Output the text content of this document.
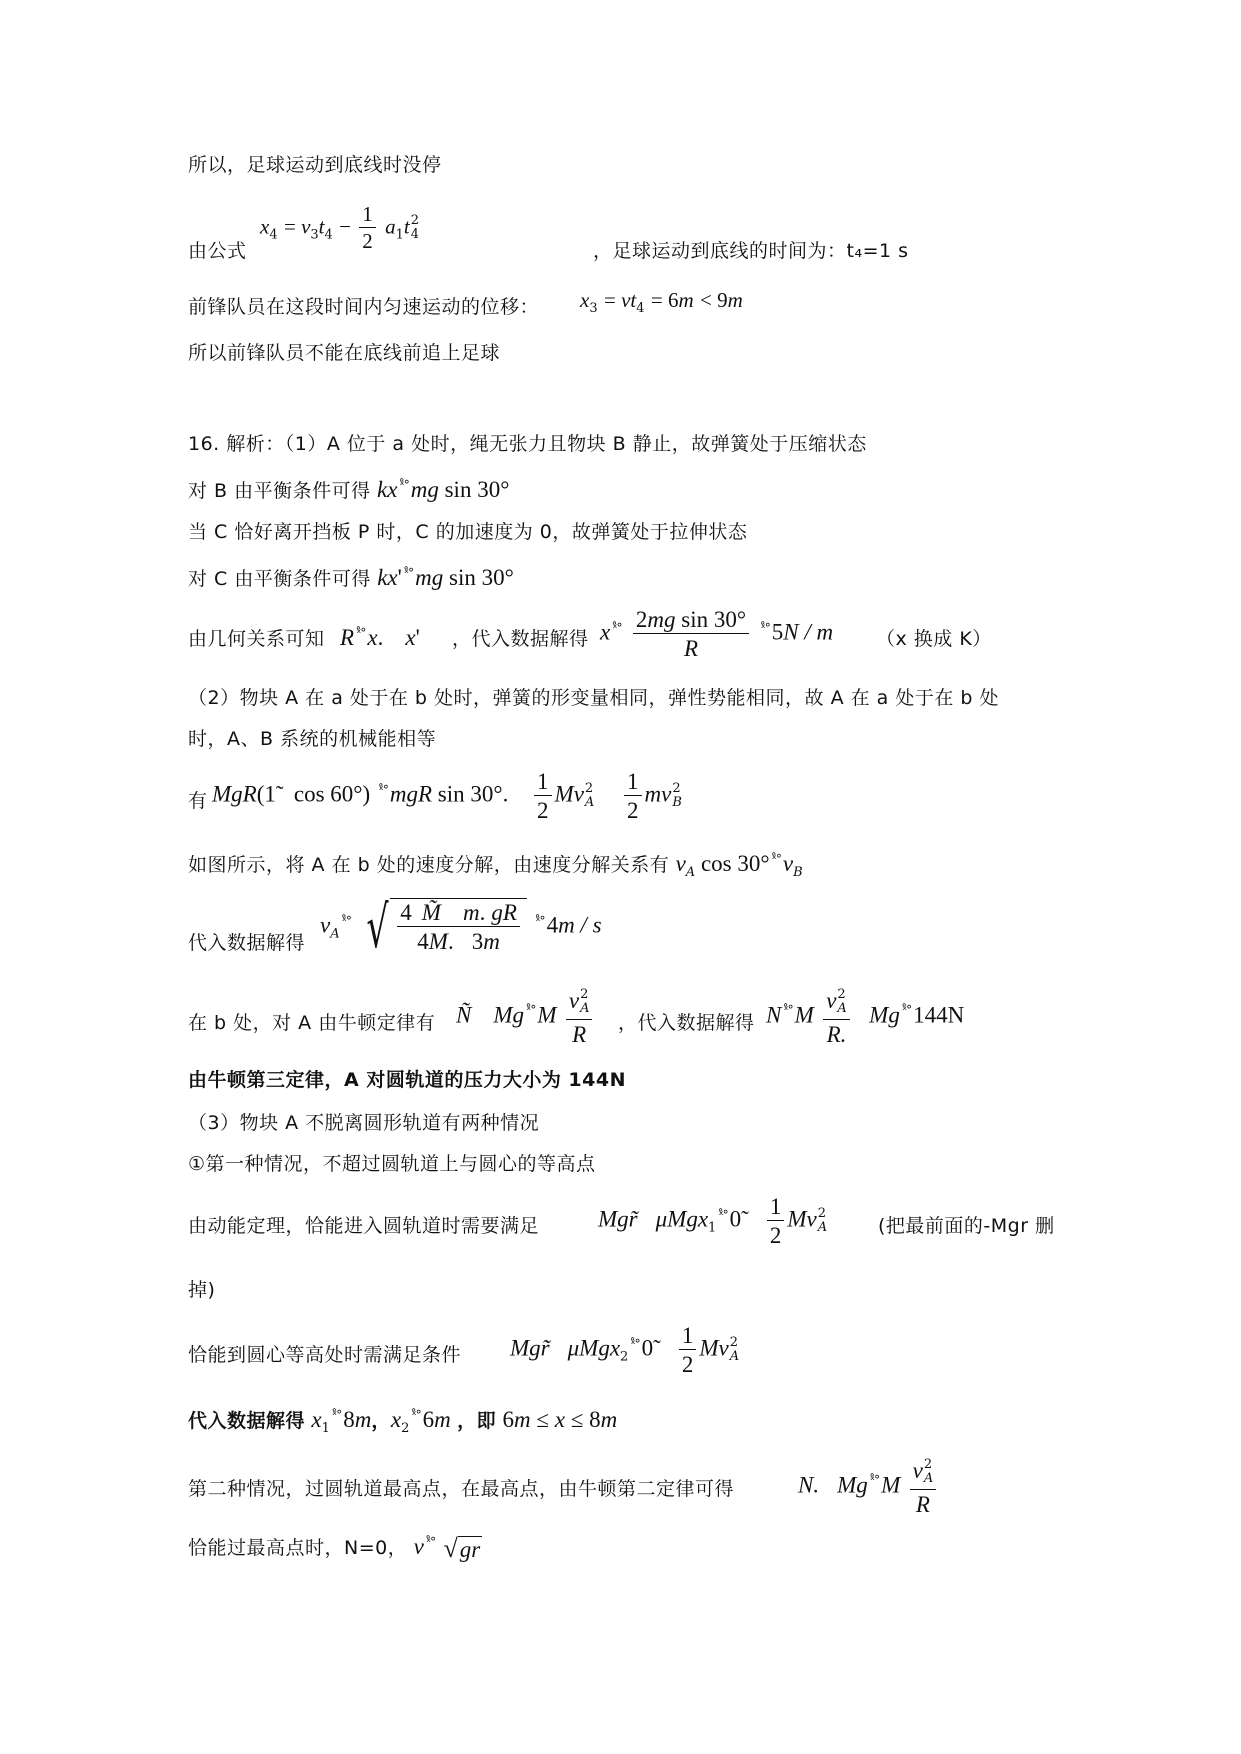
所以，足球运动到底线时没停
由公式
$x_4 = v_3t_4 - \frac{1}{2} a_1t$ 2
4
，足球运动到底线的时间为：t₄=1 s
前锋队员在这段时间内匀速运动的位移： $x_3 = vt_4 = 6m < 9m$
所以前锋队员不能在底线前追上足球
16. 解析：（1）A 位于 a 处时，绳无张力且物块 B 静止，故弹簧处于压缩状态
对 B 由平衡条件可得 kx $^{ˣ̊^\circ}$mg sin 30°
当 C 恰好离开挡板 P 时，C 的加速度为 0，故弹簧处于拉伸状态
对 C 由平衡条件可得 kx' $^{ˣ̊^\circ}$mg sin 30°
由几何关系可知 R $^{ˣ̊^\circ}$x. x' ，代入数据解得 x $^{ˣ̊^\circ} \frac{\text{2mg sin 30°}}{R} ^{ˣ̊^\circ}5N$ / m （x 换成 K）
（2）物块 A 在 a 处于在 b 处时，弹簧的形变量相同，弹性势能相同，故 A 在 a 处于在 b 处
时，A、B 系统的机械能相等
有 MgR(1̃ cos 60°) $^{ˣ̊^\circ}$mgR sin 30°. $\frac{1}{2}$ Mv 2
A
$\frac{1}{2}$ mv 2
B
如图所示，将 A 在 b 处的速度分解，由速度分解关系有 $v_A$ cos 30° $^{ˣ̊^\circ}v_B$
代入数据解得
$v_A^{ˣ̊^\circ}$ √ $\frac{4 M̃ m. gR}{4M. 3m} ^{ˣ̊^\circ}4m$ / s
在 b 处，对 A 由牛顿定律有 Ñ Mg $^{ˣ̊^\circ}$M v 2
A
R ，代入数据解得 N $^{ˣ̊^\circ}$M v 2
A
R. Mg $^{ˣ̊^\circ}$144N
由牛顿第三定律，A 对圆轨道的压力大小为 144N
（3）物块 A 不脱离圆形轨道有两种情况
①第一种情况，不超过圆轨道上与圆心的等高点
由动能定理，恰能进入圆轨道时需要满足	Mgr̃ μMgx$_1^{ˣ̊^\circ}$0̃ $\frac{1}{2}$ Mv 2
A	(把最前面的-Mgr 删
掉)
恰能到圆心等高处时需满足条件 Mgr̃ μMgx$_2^{ˣ̊^\circ}$0̃ $\frac{1}{2}$ Mv 2
A
代入数据解得 $x_1^{ˣ̊^\circ}8m$，$x_2^{ˣ̊^\circ}6m$ ，即 6m ≤ x ≤ 8m
第二种情况，过圆轨道最高点，在最高点，由牛顿第二定律可得	N. Mg $^{ˣ̊^\circ}$M v 2
A
R
恰能过最高点时，N=0， v $^{ˣ̊^\circ}$ √gr
